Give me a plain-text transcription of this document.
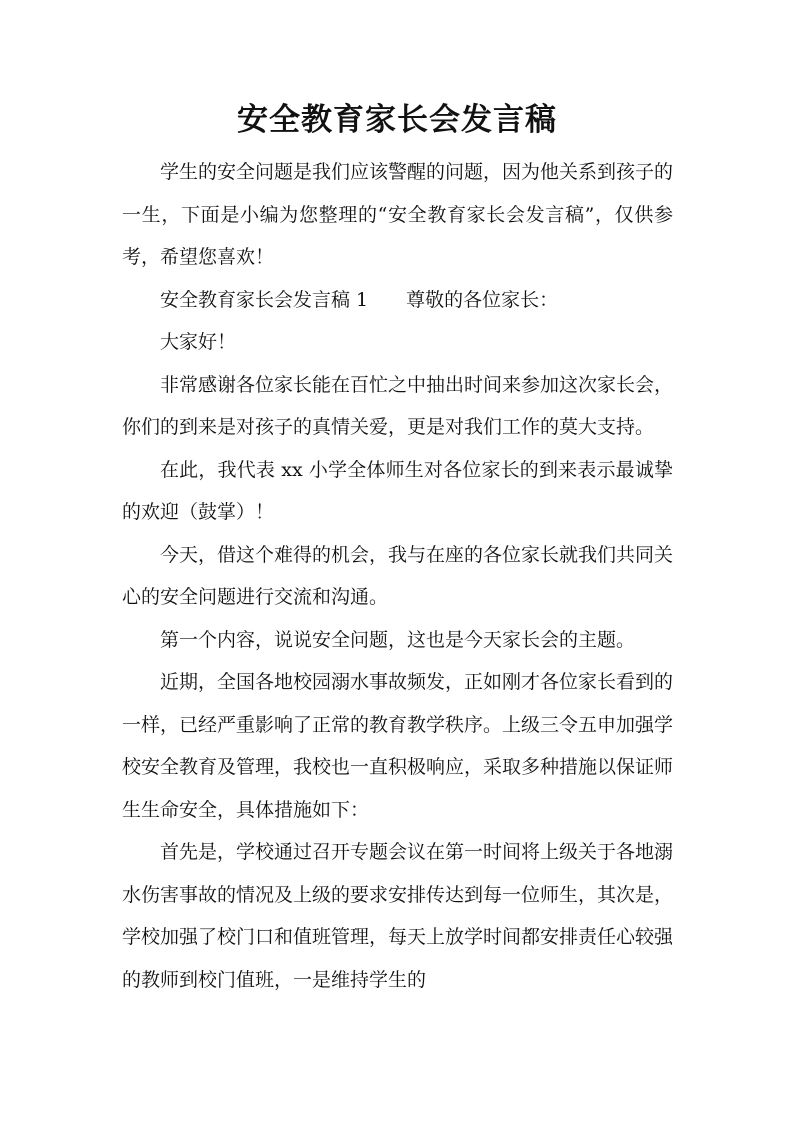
安全教育家长会发言稿

学生的安全问题是我们应该警醒的问题，因为他关系到孩子的一生，下面是小编为您整理的“安全教育家长会发言稿”，仅供参考，希望您喜欢！

安全教育家长会发言稿 1　　尊敬的各位家长：

大家好！

非常感谢各位家长能在百忙之中抽出时间来参加这次家长会，你们的到来是对孩子的真情关爱，更是对我们工作的莫大支持。

在此，我代表 xx 小学全体师生对各位家长的到来表示最诚挚的欢迎（鼓掌）！

今天，借这个难得的机会，我与在座的各位家长就我们共同关心的安全问题进行交流和沟通。

第一个内容，说说安全问题，这也是今天家长会的主题。

近期，全国各地校园溺水事故频发，正如刚才各位家长看到的一样，已经严重影响了正常的教育教学秩序。上级三令五申加强学校安全教育及管理，我校也一直积极响应，采取多种措施以保证师生生命安全，具体措施如下：

首先是，学校通过召开专题会议在第一时间将上级关于各地溺水伤害事故的情况及上级的要求安排传达到每一位师生，其次是，学校加强了校门口和值班管理，每天上放学时间都安排责任心较强的教师到校门值班，一是维持学生的
